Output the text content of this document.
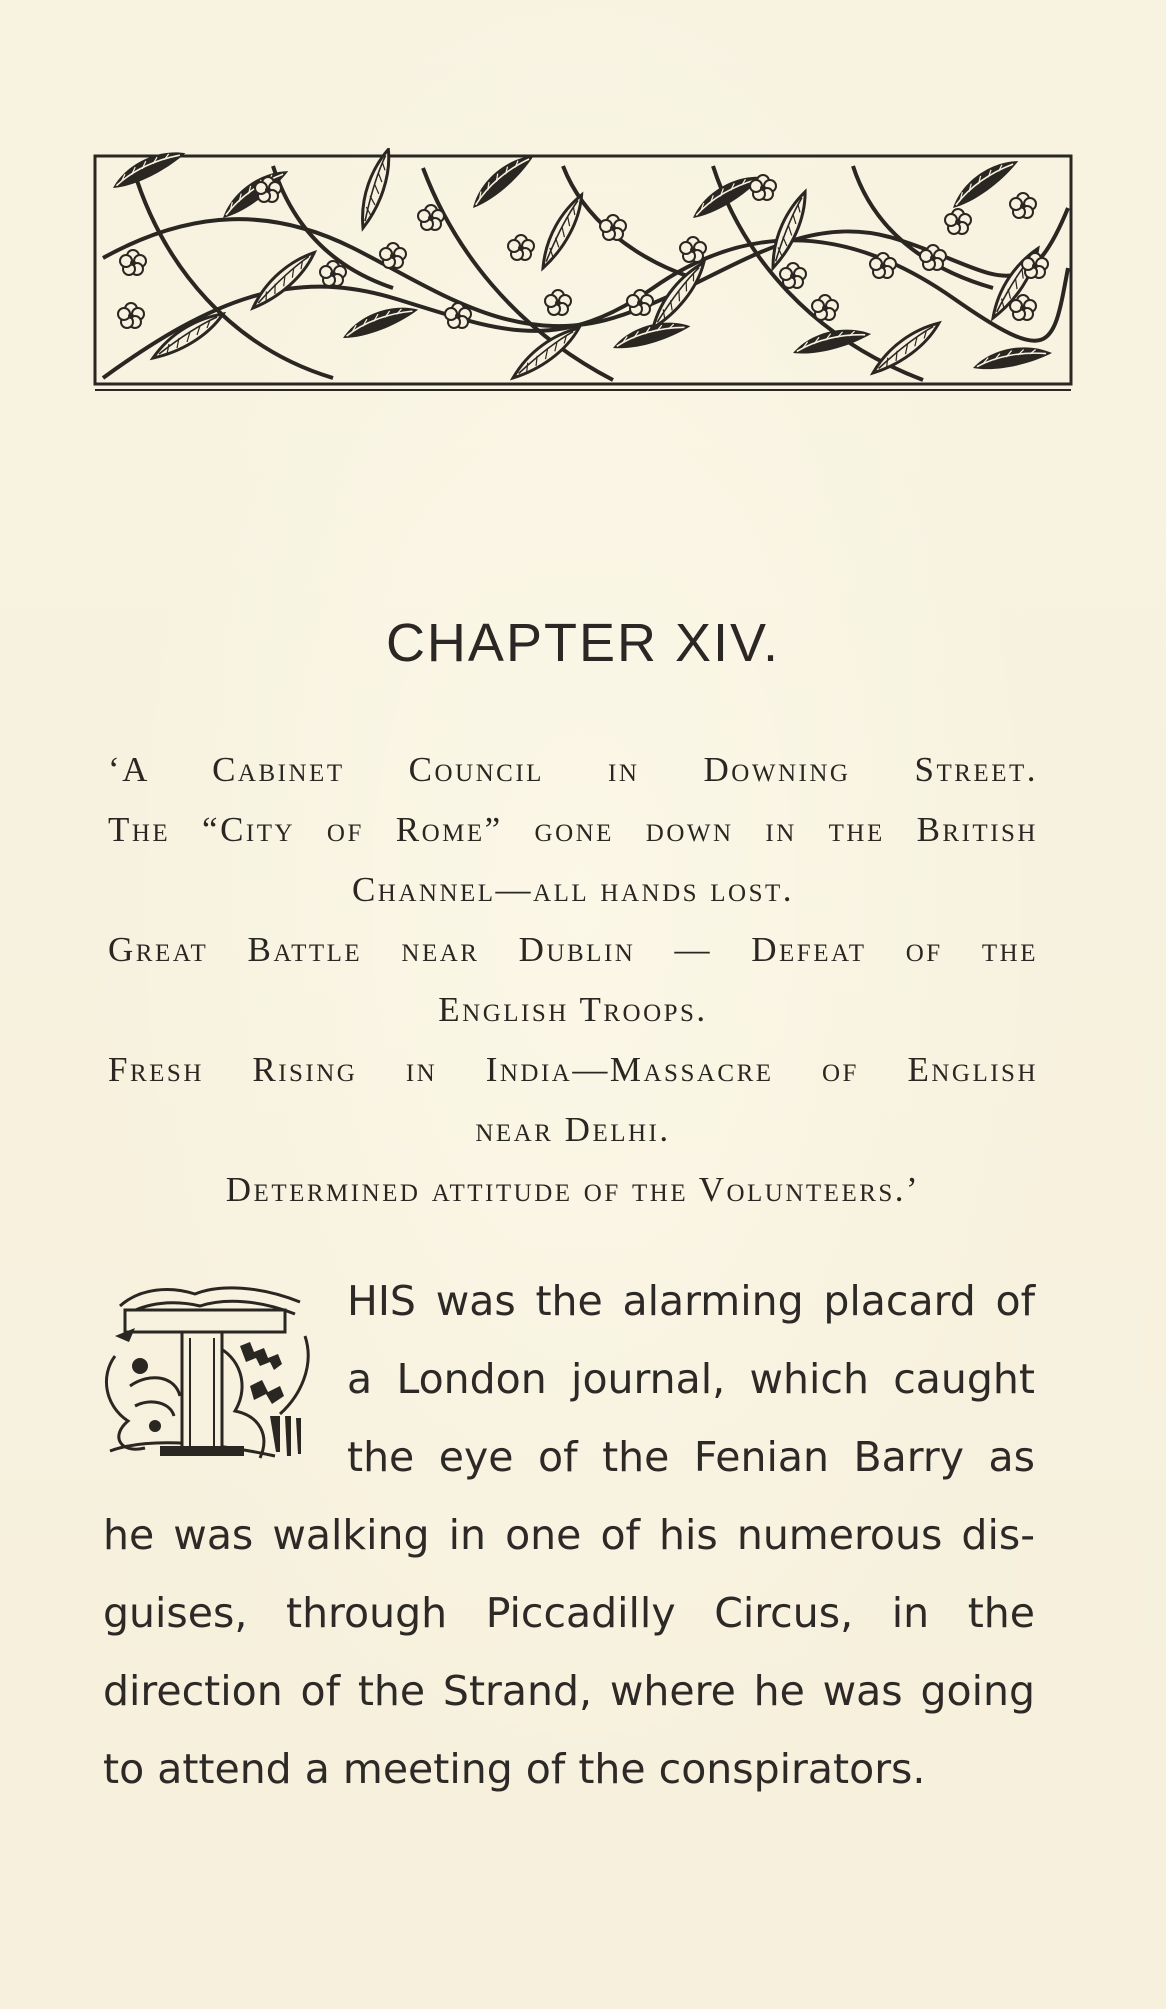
CHAPTER XIV.
‘A Cabinet Council in Downing Street.
The “City of Rome” gone down in the British
Channel—all hands lost.
Great Battle near Dublin — Defeat of the
English Troops.
Fresh Rising in India—Massacre of English
near Delhi.
Determined attitude of the Volunteers.’
HIS was the alarming placard of
a London journal, which caught
the eye of the Fenian Barry as
he was walking in one of his numerous dis-
guises, through Piccadilly Circus, in the
direction of the Strand, where he was going
to attend a meeting of the conspirators.
